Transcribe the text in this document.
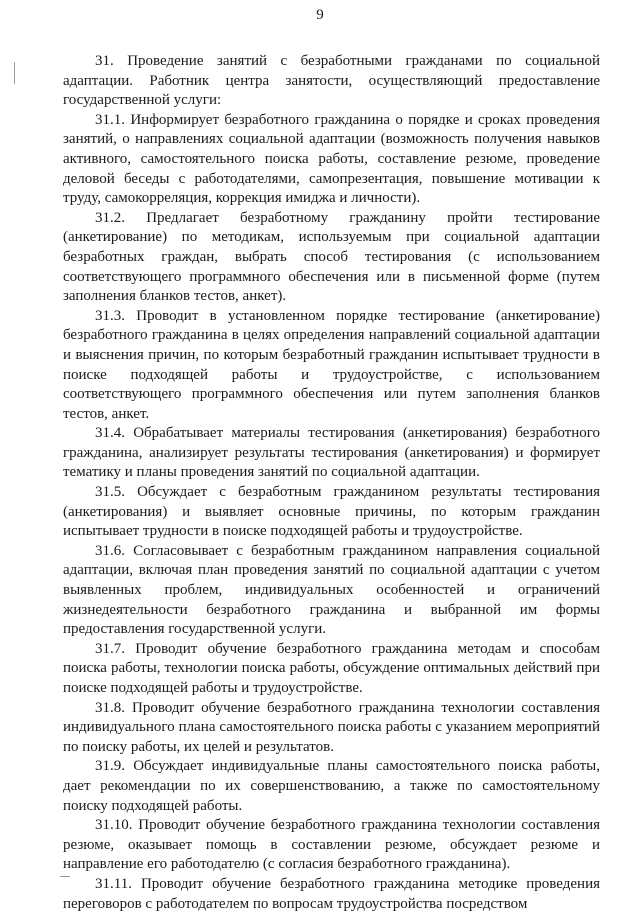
9

31. Проведение занятий с безработными гражданами по социальной адаптации. Работник центра занятости, осуществляющий предоставление государственной услуги:

31.1. Информирует безработного гражданина о порядке и сроках проведения занятий, о направлениях социальной адаптации (возможность получения навыков активного, самостоятельного поиска работы, составление резюме, проведение деловой беседы с работодателями, самопрезентация, повышение мотивации к труду, самокорреляция, коррекция имиджа и личности).

31.2. Предлагает безработному гражданину пройти тестирование (анкетирование) по методикам, используемым при социальной адаптации безработных граждан, выбрать способ тестирования (с использованием соответствующего программного обеспечения или в письменной форме (путем заполнения бланков тестов, анкет).

31.3. Проводит в установленном порядке тестирование (анкетирование) безработного гражданина в целях определения направлений социальной адаптации и выяснения причин, по которым безработный гражданин испытывает трудности в поиске подходящей работы и трудоустройстве, с использованием соответствующего программного обеспечения или путем заполнения бланков тестов, анкет.

31.4. Обрабатывает материалы тестирования (анкетирования) безработного гражданина, анализирует результаты тестирования (анкетирования) и формирует тематику и планы проведения занятий по социальной адаптации.

31.5. Обсуждает с безработным гражданином результаты тестирования (анкетирования) и выявляет основные причины, по которым гражданин испытывает трудности в поиске подходящей работы и трудоустройстве.

31.6. Согласовывает с безработным гражданином направления социальной адаптации, включая план проведения занятий по социальной адаптации с учетом выявленных проблем, индивидуальных особенностей и ограничений жизнедеятельности безработного гражданина и выбранной им формы предоставления государственной услуги.

31.7. Проводит обучение безработного гражданина методам и способам поиска работы, технологии поиска работы, обсуждение оптимальных действий при поиске подходящей работы и трудоустройстве.

31.8. Проводит обучение безработного гражданина технологии составления индивидуального плана самостоятельного поиска работы с указанием мероприятий по поиску работы, их целей и результатов.

31.9. Обсуждает индивидуальные планы самостоятельного поиска работы, дает рекомендации по их совершенствованию, а также по самостоятельному поиску подходящей работы.

31.10. Проводит обучение безработного гражданина технологии составления резюме, оказывает помощь в составлении резюме, обсуждает резюме и направление его работодателю (с согласия безработного гражданина).

31.11. Проводит обучение безработного гражданина методике проведения переговоров с работодателем по вопросам трудоустройства посредством
